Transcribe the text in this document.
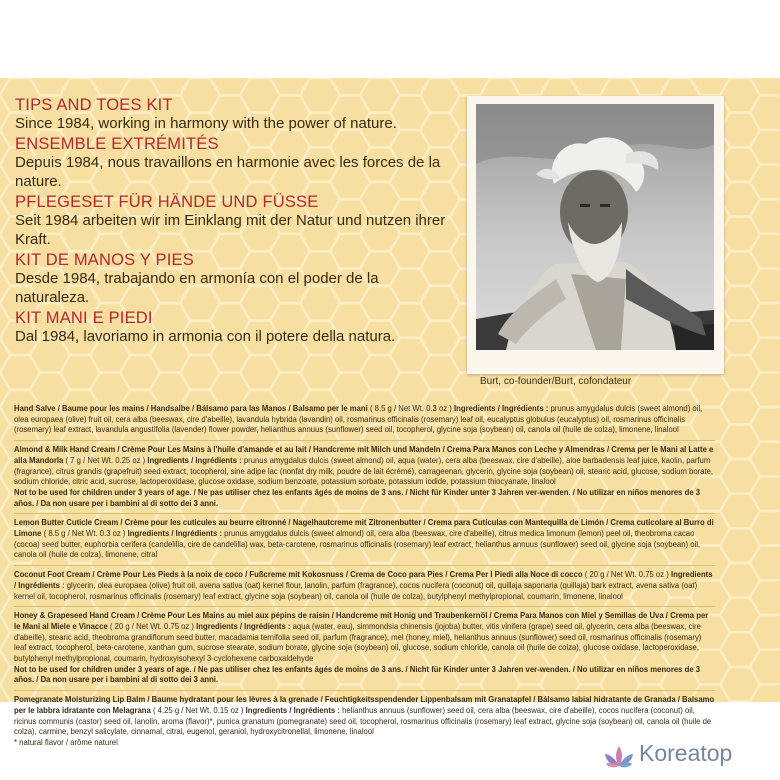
TIPS AND TOES KIT
Since 1984, working in harmony with the power of nature.
ENSEMBLE EXTRÉMITÉS
Depuis 1984, nous travaillons en harmonie avec les forces de la nature.
PFLEGESET FÜR HÄNDE UND FÜSSE
Seit 1984 arbeiten wir im Einklang mit der Natur und nutzen ihrer Kraft.
KIT DE MANOS Y PIES
Desde 1984, trabajando en armonía con el poder de la naturaleza.
KIT MANI E PIEDI
Dal 1984, lavoriamo in armonia con il potere della natura.
Burt, co-founder/Burt, cofondateur
Hand Salve / Baume pour les mains / Handsalbe / Bálsamo para las Manos / Balsamo per le mani ( 8.5 g / Net Wt. 0.3 oz ) Ingredients / Ingrédients : prunus amygdalus dulcis (sweet almond) oil, olea europaea (olive) fruit oil, cera alba (beeswax, cire d'abeille), lavandula hybrida (lavandin) oil, rosmarinus officinalis (rosemary) leaf oil, eucalyptus globulus (eucalyptus) oil, rosmarinus officinalis (rosemary) leaf extract, lavandula angustifolia (lavender) flower powder, helianthus annuus (sunflower) seed oil, tocopherol, glycine soja (soybean) oil, canola oil (huile de colza), limonene, linalool
Almond & Milk Hand Cream / Crème Pour Les Mains à l'huile d'amande et au lait / Handcreme mit Milch und Mandeln / Crema Para Manos con Leche y Almendras / Crema per le Mani al Latte e alla Mandorla ( 7 g / Net Wt. 0.25 oz ) Ingredients / Ingrédients : prunus amygdalus dulcis (sweet almond) oil, aqua (water), cera alba (beeswax, cire d'abeille), aloe barbadensis leaf juice, kaolin, parfum (fragrance), citrus grandis (grapefruit) seed extract, tocopherol, sine adipe lac (nonfat dry milk, poudre de lait écrémé), carrageenan, glycerin, glycine soja (soybean) oil, stearic acid, glucose, sodium borate, sodium chloride, citric acid, sucrose, lactoperoxidase, glucose oxidase, sodium benzoate, potassium sorbate, potassium iodide, potassium thiocyanate, linalool
Not to be used for children under 3 years of age. / Ne pas utiliser chez les enfants âgés de moins de 3 ans. / Nicht für Kinder unter 3 Jahren ver-wenden. / No utilizar en niños menores de 3 años. / Da non usare per i bambini al di sotto dei 3 anni.
Lemon Butter Cuticle Cream / Crème pour les cuticules au beurre citronné / Nagelhautcreme mit Zitronenbutter / Crema para Cutículas con Mantequilla de Limón / Crema cuticolare al Burro di Limone ( 8.5 g / Net Wt. 0.3 oz ) Ingredients / Ingrédients : prunus amygdalus dulcis (sweet almond) oil, cera alba (beeswax, cire d'abeille), citrus medica limonum (lemon) peel oil, theobroma cacao (cocoa) seed butter, euphorbia cerifera (candelilla, cire de candelilla) wax, beta-carotene, rosmarinus officinalis (rosemary) leaf extract, helianthus annuus (sunflower) seed oil, glycine soja (soybean) oil, canola oil (huile de colza), limonene, citral
Coconut Foot Cream / Crème Pour Les Pieds à la noix de coco / Fußcreme mit Kokosnuss / Crema de Coco para Pies / Crema Per I Piedi alla Noce di cocco ( 20 g / Net Wt. 0.75 oz ) Ingredients / Ingrédients : glycerin, olea europaea (olive) fruit oil, avena sativa (oat) kernel flour, lanolin, parfum (fragrance), cocos nucifera (coconut) oil, quillaja saponaria (quillaja) bark extract, avena sativa (oat) kernel oil, tocopherol, rosmarinus officinalis (rosemary) leaf extract, glycine soja (soybean) oil, canola oil (huile de colza), butylphenyl methylpropional, coumarin, limonene, linalool
Honey & Grapeseed Hand Cream / Crème Pour Les Mains au miel aux pépins de raisin / Handcreme mit Honig und Traubenkernöl / Crema Para Manos con Miel y Semillas de Uva / Crema per le Mani al Miele e Vinacce ( 20 g / Net Wt. 0.75 oz ) Ingredients / Ingrédients : aqua (water, eau), simmondsia chinensis (jojoba) butter, vitis vinifera (grape) seed oil, glycerin, cera alba (beeswax, cire d'abeille), stearic acid, theobroma grandiflorum seed butter, macadamia ternifolia seed oil, parfum (fragrance), mel (honey, miel), helianthus annuus (sunflower) seed oil, rosmarinus officinalis (rosemary) leaf extract, tocopherol, beta-carotene, xanthan gum, sucrose stearate, sodium borate, glycine soja (soybean) oil, glucose, sodium chloride, canola oil (huile de colza), glucose oxidase, lactoperoxidase, butylphenyl methylpropional, coumarin, hydroxyisohexyl 3-cyclohexene carboxaldehyde
Not to be used for children under 3 years of age. / Ne pas utiliser chez les enfants âgés de moins de 3 ans. / Nicht für Kinder unter 3 Jahren ver-wenden. / No utilizar en niños menores de 3 años. / Da non usare per i bambini al di sotto dei 3 anni.
Pomegranate Moisturizing Lip Balm / Baume hydratant pour les lèvres à la grenade / Feuchtigkeitsspendender Lippenbalsam mit Granatapfel / Bálsamo labial hidratante de Granada / Balsamo per le labbra idratante con Melagrana ( 4.25 g / Net Wt. 0.15 oz ) Ingredients / Ingrédients : helianthus annuus (sunflower) seed oil, cera alba (beeswax, cire d'abeille), cocos nucifera (coconut) oil, ricinus communis (castor) seed oil, lanolin, aroma (flavor)*, punica granatum (pomegranate) seed oil, tocopherol, rosmarinus officinalis (rosemary) leaf extract, glycine soja (soybean) oil, canola oil (huile de colza), carmine, benzyl salicylate, cinnamal, citral, eugenol, geraniol, hydroxycitronellal, limonene, linalool
* natural flavor / arôme naturel	Koreatop
